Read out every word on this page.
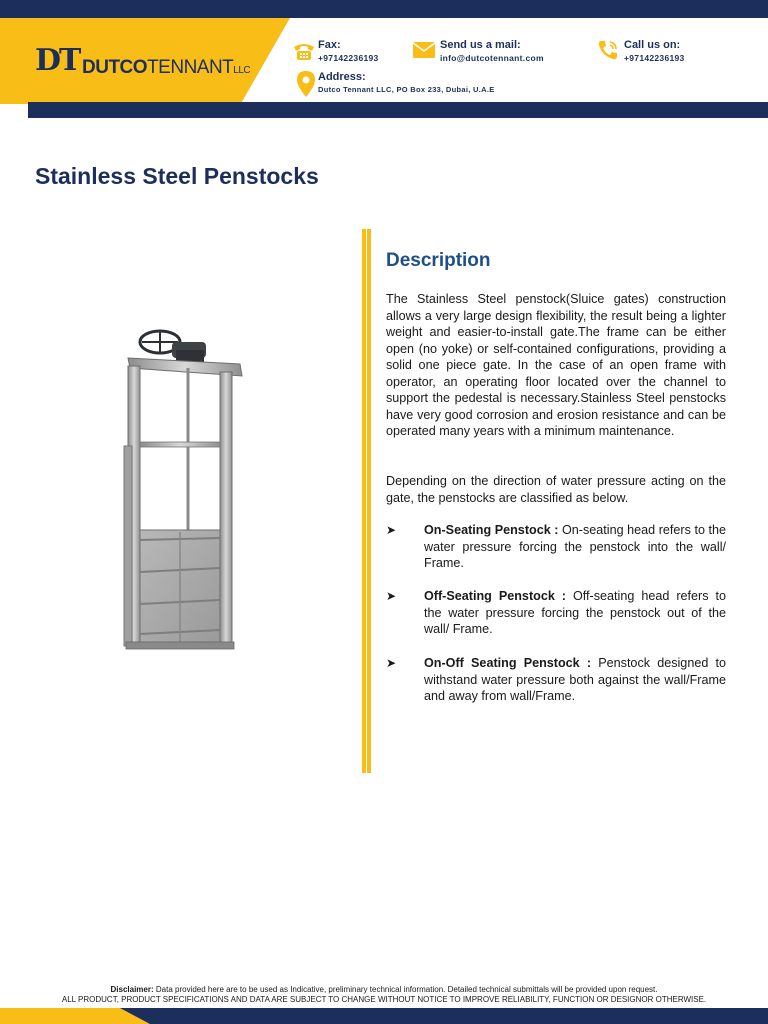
DT DUTCOTENNANTLLC
Fax:
+97142236193
Send us a mail:
info@dutcotennant.com
Call us on:
+97142236193
Address:
Dutco Tennant LLC, PO Box 233, Dubai, U.A.E
Stainless Steel Penstocks
Description
The Stainless Steel penstock(Sluice gates) construction allows a very large design flexibility, the result being a lighter weight and easier-to-install gate.The frame can be either open (no yoke) or self-contained configurations, providing a solid one piece gate. In the case of an open frame with operator, an operating floor located over the channel to support the pedestal is necessary.Stainless Steel penstocks have very good corrosion and erosion resistance and can be operated many years with a minimum maintenance.
Depending on the direction of water pressure acting on the gate, the penstocks are classified as below.
➤ On-Seating Penstock : On-seating head refers to the water pressure forcing the penstock into the wall/ Frame.
➤ Off-Seating Penstock : Off-seating head refers to the water pressure forcing the penstock out of the wall/ Frame.
➤ On-Off Seating Penstock : Penstock designed to withstand water pressure both against the wall/Frame and away from wall/Frame.
Disclaimer: Data provided here are to be used as Indicative, preliminary technical information. Detailed technical submittals will be provided upon request.
ALL PRODUCT, PRODUCT SPECIFICATIONS AND DATA ARE SUBJECT TO CHANGE WITHOUT NOTICE TO IMPROVE RELIABILITY, FUNCTION OR DESIGNOR OTHERWISE.
